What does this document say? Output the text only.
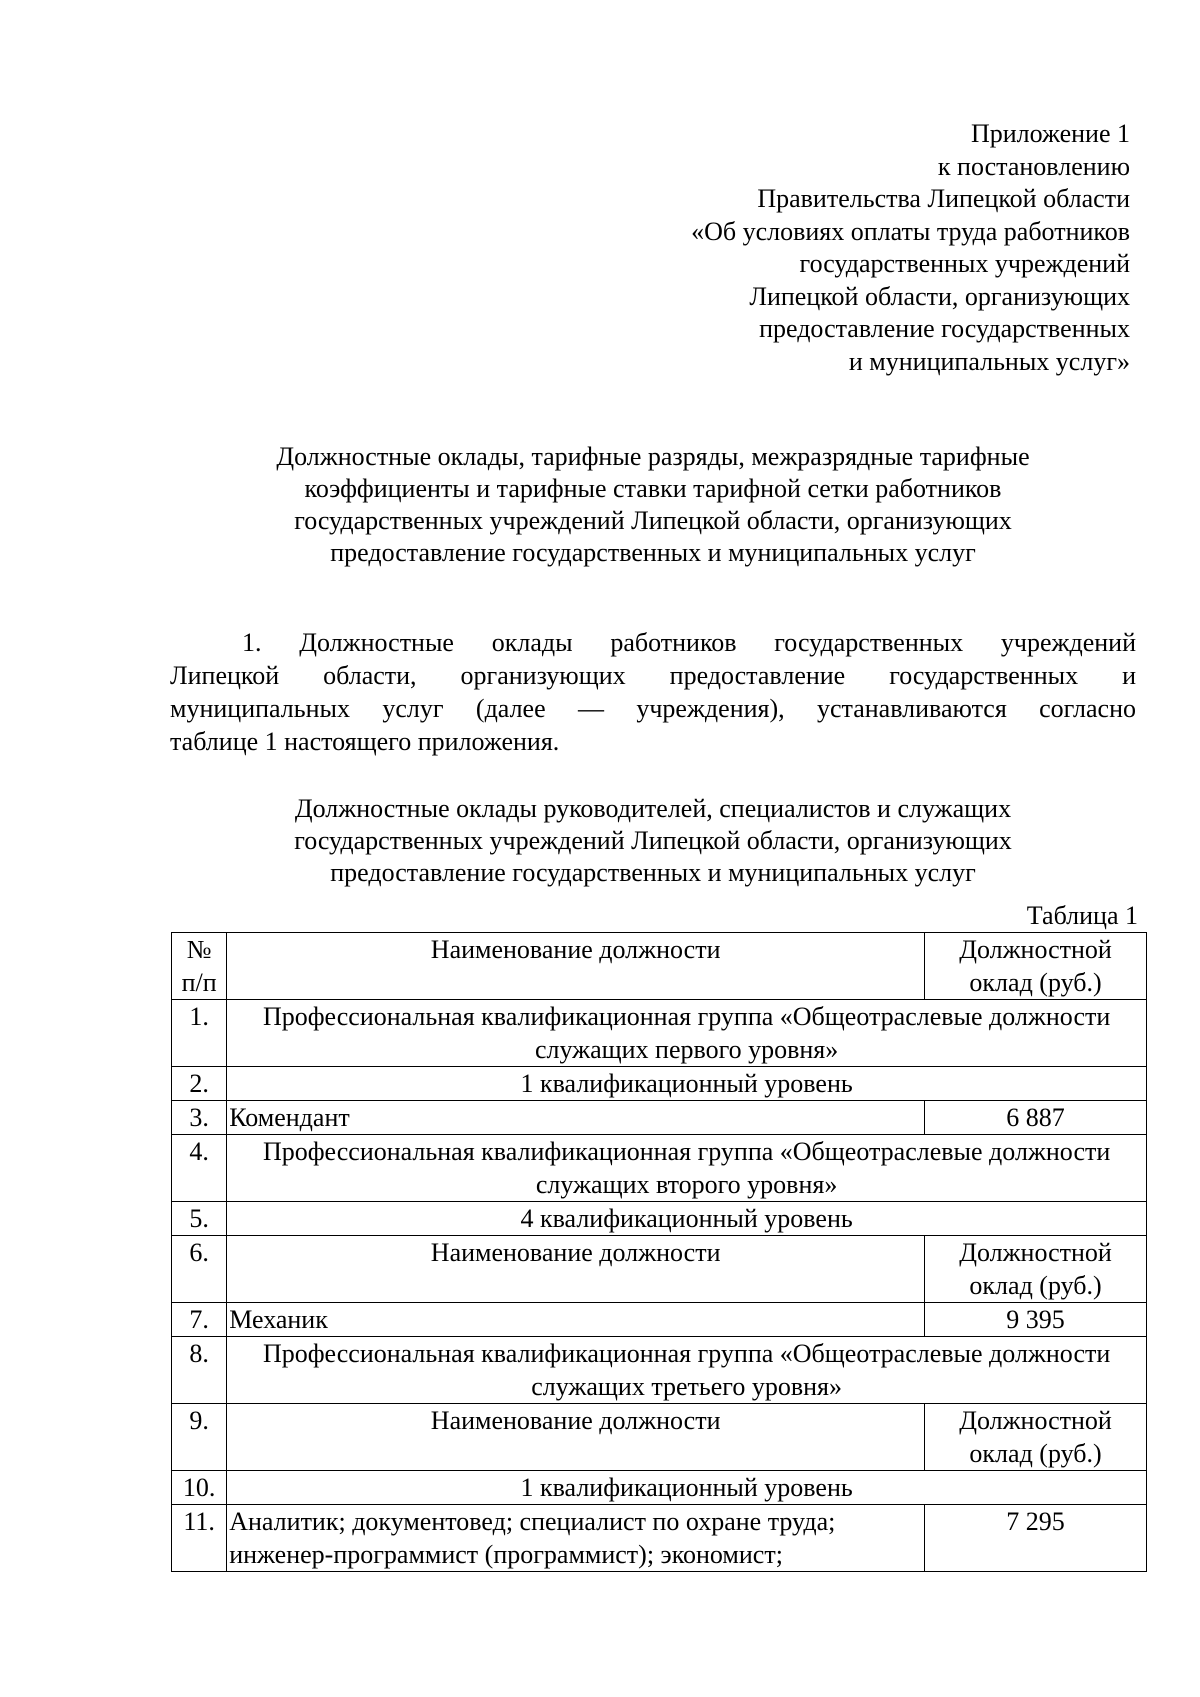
Приложение 1
к постановлению
Правительства Липецкой области
«Об условиях оплаты труда работников
государственных учреждений
Липецкой области, организующих
предоставление государственных
и муниципальных услуг»
Должностные оклады, тарифные разряды, межразрядные тарифные
коэффициенты и тарифные ставки тарифной сетки работников
государственных учреждений Липецкой области, организующих
предоставление государственных и муниципальных услуг
1. Должностные оклады работников государственных учреждений
Липецкой области, организующих предоставление государственных и
муниципальных услуг (далее — учреждения), устанавливаются согласно
таблице 1 настоящего приложения.
Должностные оклады руководителей, специалистов и служащих
государственных учреждений Липецкой области, организующих
предоставление государственных и муниципальных услуг
Таблица 1
№ п/п	Наименование должности	Должностной оклад (руб.)
1.	Профессиональная квалификационная группа «Общеотраслевые должности служащих первого уровня»	
2.	1 квалификационный уровень	
3.	Комендант	6 887
4.	Профессиональная квалификационная группа «Общеотраслевые должности служащих второго уровня»	
5.	4 квалификационный уровень	
6.	Наименование должности	Должностной оклад (руб.)
7.	Механик	9 395
8.	Профессиональная квалификационная группа «Общеотраслевые должности служащих третьего уровня»	
9.	Наименование должности	Должностной оклад (руб.)
10.	1 квалификационный уровень	
11.	Аналитик; документовед; специалист по охране труда; инженер-программист (программист); экономист;	7 295
